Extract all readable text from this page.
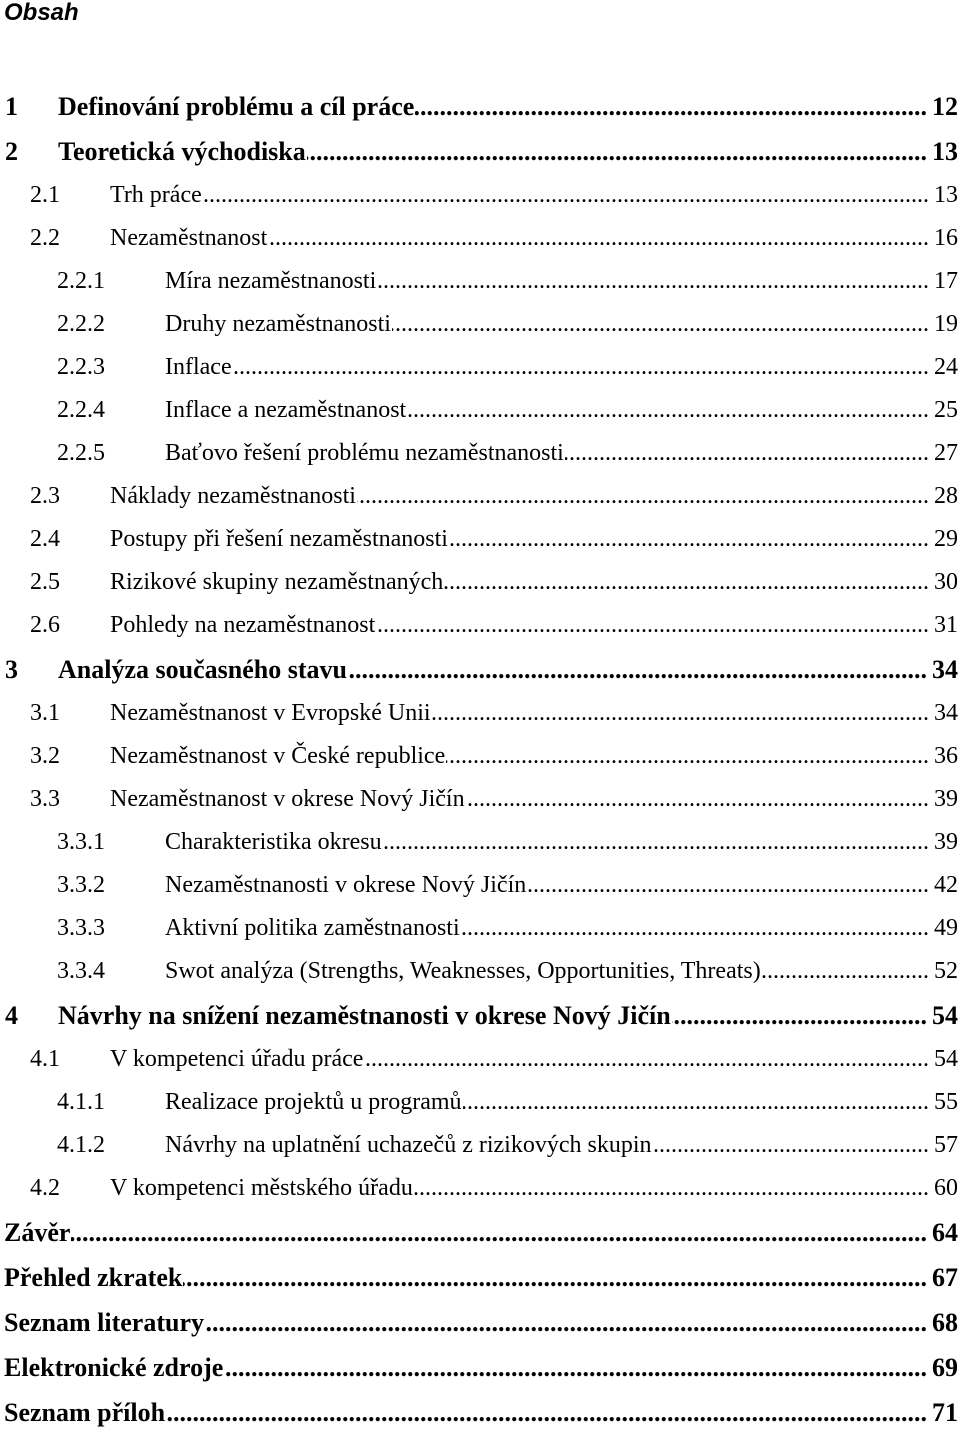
Obsah
1	Definování problému a cíl práce .....	12
2	Teoretická východiska .....	13
2.1	Trh práce .....	13
2.2	Nezaměstnanost .....	16
2.2.1	Míra nezaměstnanosti .....	17
2.2.2	Druhy nezaměstnanosti .....	19
2.2.3	Inflace .....	24
2.2.4	Inflace a nezaměstnanost .....	25
2.2.5	Baťovo řešení problému nezaměstnanosti .....	27
2.3	Náklady nezaměstnanosti .....	28
2.4	Postupy při řešení nezaměstnanosti .....	29
2.5	Rizikové skupiny nezaměstnaných .....	30
2.6	Pohledy na nezaměstnanost .....	31
3	Analýza současného stavu .....	34
3.1	Nezaměstnanost v Evropské Unii .....	34
3.2	Nezaměstnanost v České republice .....	36
3.3	Nezaměstnanost v okrese Nový Jičín .....	39
3.3.1	Charakteristika okresu .....	39
3.3.2	Nezaměstnanosti v okrese Nový Jičín .....	42
3.3.3	Aktivní politika zaměstnanosti .....	49
3.3.4	Swot analýza (Strengths, Weaknesses, Opportunities, Threats) .....	52
4	Návrhy na snížení nezaměstnanosti v okrese Nový Jičín .....	54
4.1	V kompetenci úřadu práce .....	54
4.1.1	Realizace projektů u programů .....	55
4.1.2	Návrhy na uplatnění uchazečů z rizikových skupin .....	57
4.2	V kompetenci městského úřadu .....	60
Závěr .....	64
Přehled zkratek .....	67
Seznam literatury .....	68
Elektronické zdroje .....	69
Seznam příloh .....	71
